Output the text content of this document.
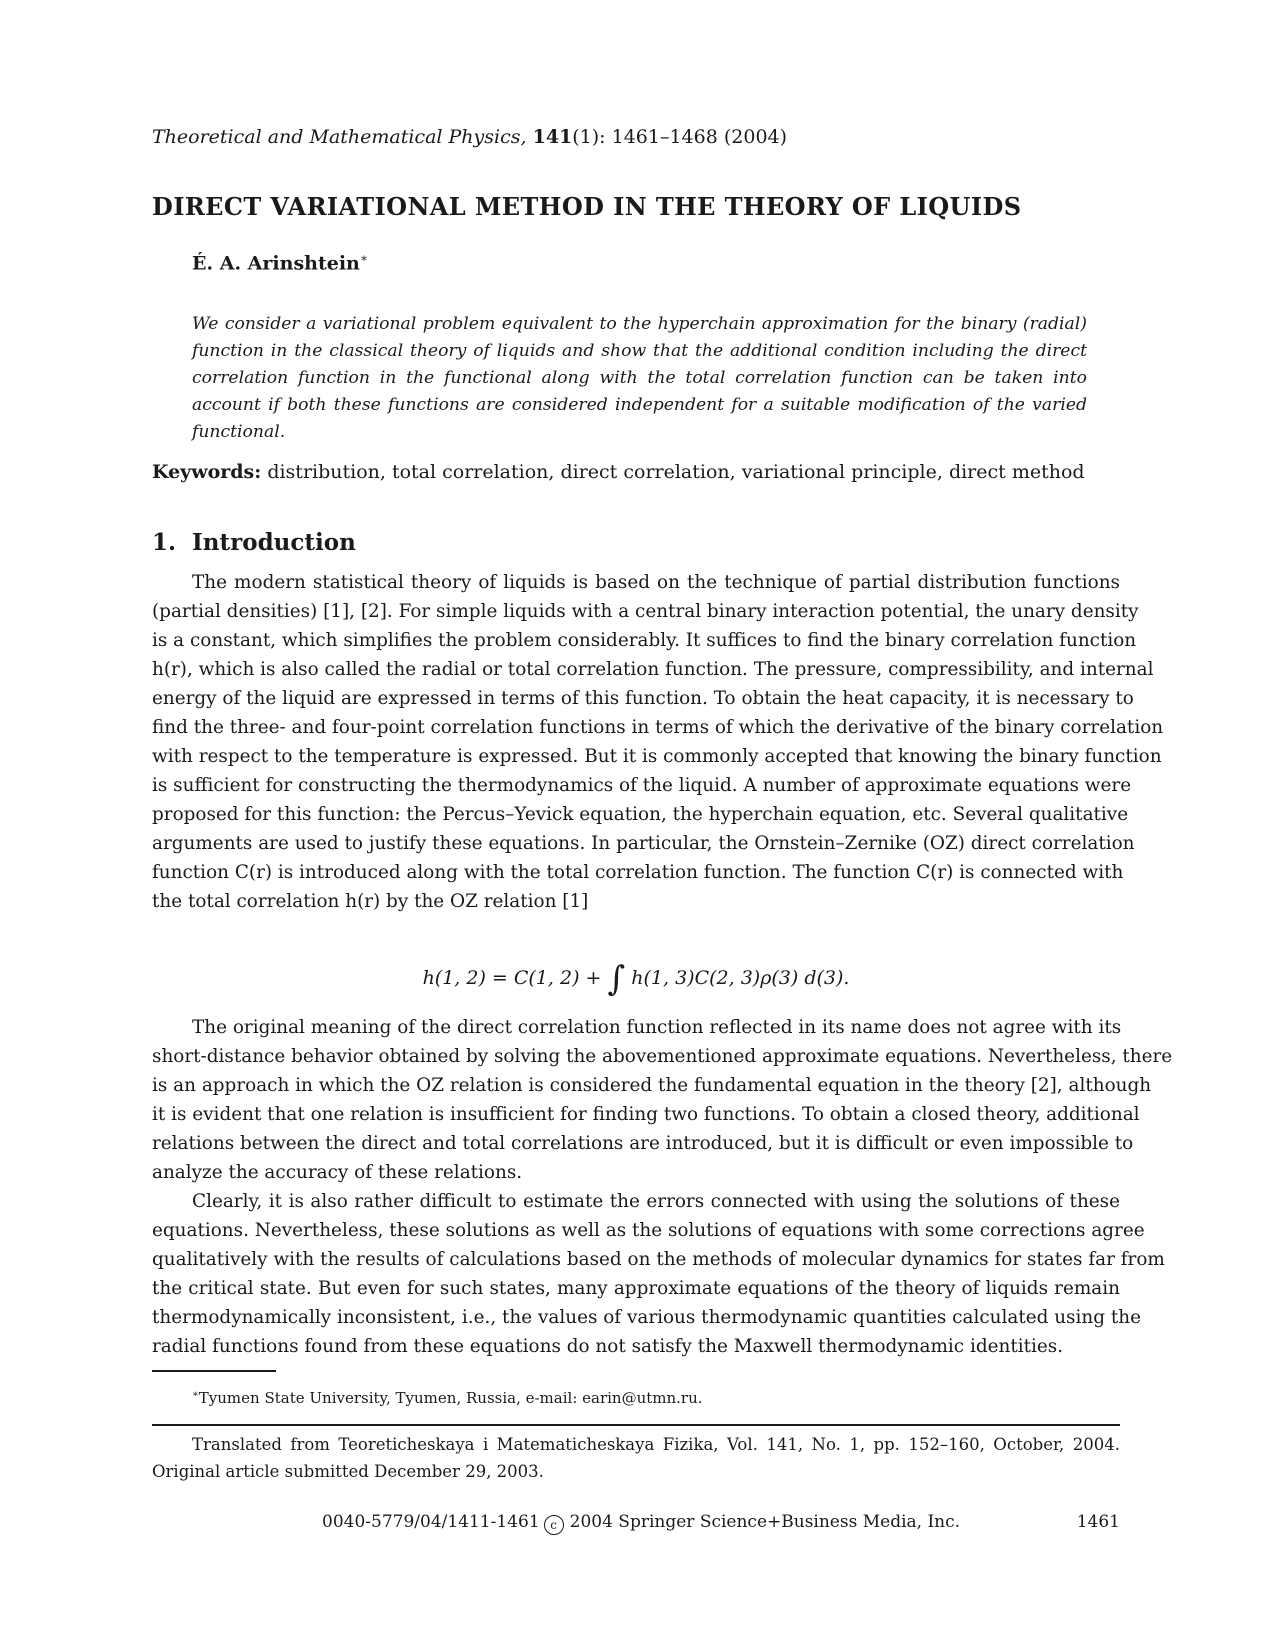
Theoretical and Mathematical Physics, 141(1): 1461–1468 (2004)
DIRECT VARIATIONAL METHOD IN THE THEORY OF LIQUIDS
É. A. Arinshtein∗
We consider a variational problem equivalent to the hyperchain approximation for the binary (radial) function in the classical theory of liquids and show that the additional condition including the direct correlation function in the functional along with the total correlation function can be taken into account if both these functions are considered independent for a suitable modification of the varied functional.
Keywords: distribution, total correlation, direct correlation, variational principle, direct method
1. Introduction
The modern statistical theory of liquids is based on the technique of partial distribution functions
(partial densities) [1], [2]. For simple liquids with a central binary interaction potential, the unary density
is a constant, which simplifies the problem considerably. It suffices to find the binary correlation function
h(r), which is also called the radial or total correlation function. The pressure, compressibility, and internal
energy of the liquid are expressed in terms of this function. To obtain the heat capacity, it is necessary to
find the three- and four-point correlation functions in terms of which the derivative of the binary correlation
with respect to the temperature is expressed. But it is commonly accepted that knowing the binary function
is sufficient for constructing the thermodynamics of the liquid. A number of approximate equations were
proposed for this function: the Percus–Yevick equation, the hyperchain equation, etc. Several qualitative
arguments are used to justify these equations. In particular, the Ornstein–Zernike (OZ) direct correlation
function C(r) is introduced along with the total correlation function. The function C(r) is connected with
the total correlation h(r) by the OZ relation [1]
h(1, 2) = C(1, 2) + ∫ h(1, 3)C(2, 3)ρ(3) d(3).
The original meaning of the direct correlation function reflected in its name does not agree with its
short-distance behavior obtained by solving the abovementioned approximate equations. Nevertheless, there
is an approach in which the OZ relation is considered the fundamental equation in the theory [2], although
it is evident that one relation is insufficient for finding two functions. To obtain a closed theory, additional
relations between the direct and total correlations are introduced, but it is difficult or even impossible to
analyze the accuracy of these relations.
Clearly, it is also rather difficult to estimate the errors connected with using the solutions of these
equations. Nevertheless, these solutions as well as the solutions of equations with some corrections agree
qualitatively with the results of calculations based on the methods of molecular dynamics for states far from
the critical state. But even for such states, many approximate equations of the theory of liquids remain
thermodynamically inconsistent, i.e., the values of various thermodynamic quantities calculated using the
radial functions found from these equations do not satisfy the Maxwell thermodynamic identities.
∗Tyumen State University, Tyumen, Russia, e-mail: earin@utmn.ru.
Translated from Teoreticheskaya i Matematicheskaya Fizika, Vol. 141, No. 1, pp. 152–160, October, 2004.
Original article submitted December 29, 2003.
0040-5779/04/1411-1461 c 2004 Springer Science+Business Media, Inc.	1461
